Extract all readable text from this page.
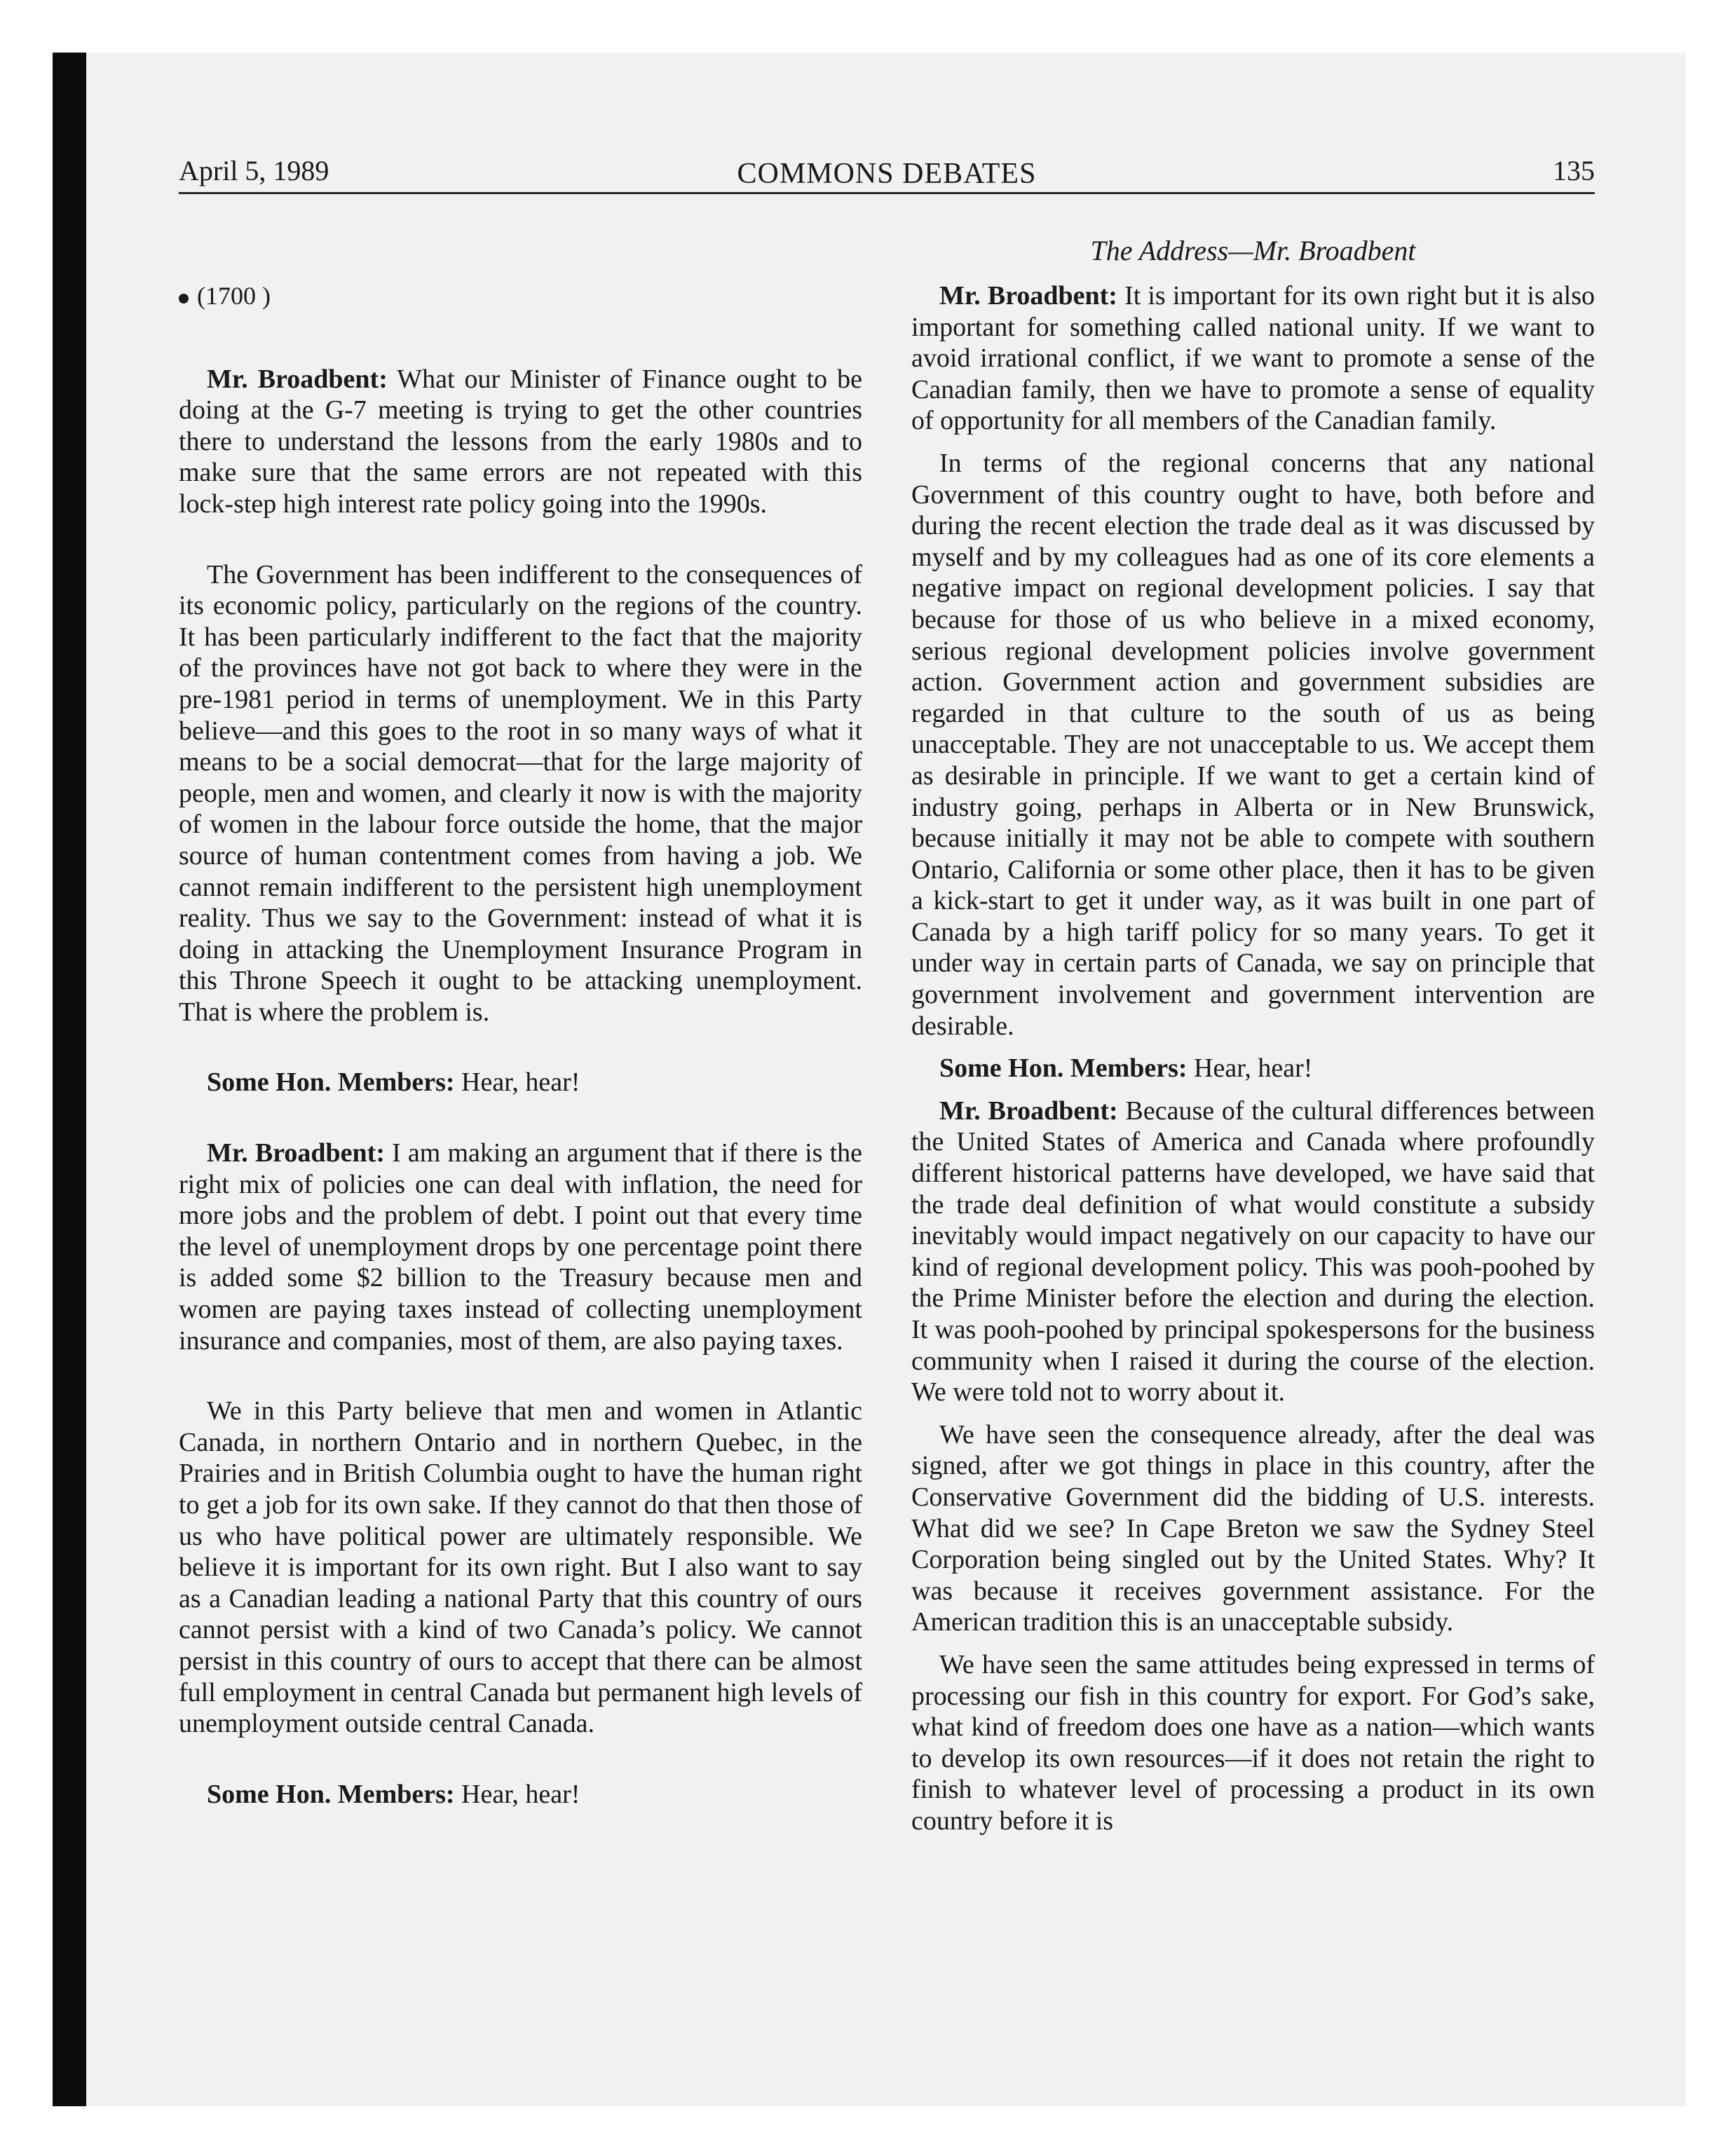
April 5, 1989	COMMONS DEBATES	135
The Address—Mr. Broadbent

(1700 )

Mr. Broadbent: What our Minister of Finance ought to be doing at the G‑7 meeting is trying to get the other countries there to understand the lessons from the early 1980s and to make sure that the same errors are not repeated with this lock‑step high interest rate policy going into the 1990s.

The Government has been indifferent to the consequences of its economic policy, particularly on the regions of the country. It has been particularly indifferent to the fact that the majority of the provinces have not got back to where they were in the pre‑1981 period in terms of unemployment. We in this Party believe—and this goes to the root in so many ways of what it means to be a social democrat—that for the large majority of people, men and women, and clearly it now is with the majority of women in the labour force outside the home, that the major source of human contentment comes from having a job. We cannot remain indifferent to the persistent high unemployment reality. Thus we say to the Government: instead of what it is doing in attacking the Unemployment Insurance Program in this Throne Speech it ought to be attacking unemployment. That is where the problem is.

Some Hon. Members: Hear, hear!

Mr. Broadbent: I am making an argument that if there is the right mix of policies one can deal with inflation, the need for more jobs and the problem of debt. I point out that every time the level of unemployment drops by one percentage point there is added some $2 billion to the Treasury because men and women are paying taxes instead of collecting unemployment insurance and companies, most of them, are also paying taxes.

We in this Party believe that men and women in Atlantic Canada, in northern Ontario and in northern Quebec, in the Prairies and in British Columbia ought to have the human right to get a job for its own sake. If they cannot do that then those of us who have political power are ultimately responsible. We believe it is important for its own right. But I also want to say as a Canadian leading a national Party that this country of ours cannot persist with a kind of two Canada’s policy. We cannot persist in this country of ours to accept that there can be almost full employment in central Canada but permanent high levels of unemployment outside central Canada.

Some Hon. Members: Hear, hear!

Mr. Broadbent: It is important for its own right but it is also important for something called national unity. If we want to avoid irrational conflict, if we want to promote a sense of the Canadian family, then we have to promote a sense of equality of opportunity for all members of the Canadian family.

In terms of the regional concerns that any national Government of this country ought to have, both before and during the recent election the trade deal as it was discussed by myself and by my colleagues had as one of its core elements a negative impact on regional development policies. I say that because for those of us who believe in a mixed economy, serious regional development policies involve government action. Government action and government subsidies are regarded in that culture to the south of us as being unacceptable. They are not unacceptable to us. We accept them as desirable in principle. If we want to get a certain kind of industry going, perhaps in Alberta or in New Brunswick, because initially it may not be able to compete with southern Ontario, California or some other place, then it has to be given a kick‑start to get it under way, as it was built in one part of Canada by a high tariff policy for so many years. To get it under way in certain parts of Canada, we say on principle that government involvement and government intervention are desirable.

Some Hon. Members: Hear, hear!

Mr. Broadbent: Because of the cultural differences between the United States of America and Canada where profoundly different historical patterns have developed, we have said that the trade deal definition of what would constitute a subsidy inevitably would impact negatively on our capacity to have our kind of regional development policy. This was pooh‑poohed by the Prime Minister before the election and during the election. It was pooh‑poohed by principal spokespersons for the business community when I raised it during the course of the election. We were told not to worry about it.

We have seen the consequence already, after the deal was signed, after we got things in place in this country, after the Conservative Government did the bidding of U.S. interests. What did we see? In Cape Breton we saw the Sydney Steel Corporation being singled out by the United States. Why? It was because it receives government assistance. For the American tradition this is an unacceptable subsidy.

We have seen the same attitudes being expressed in terms of processing our fish in this country for export. For God’s sake, what kind of freedom does one have as a nation—which wants to develop its own resources—if it does not retain the right to finish to whatever level of processing a product in its own country before it is
